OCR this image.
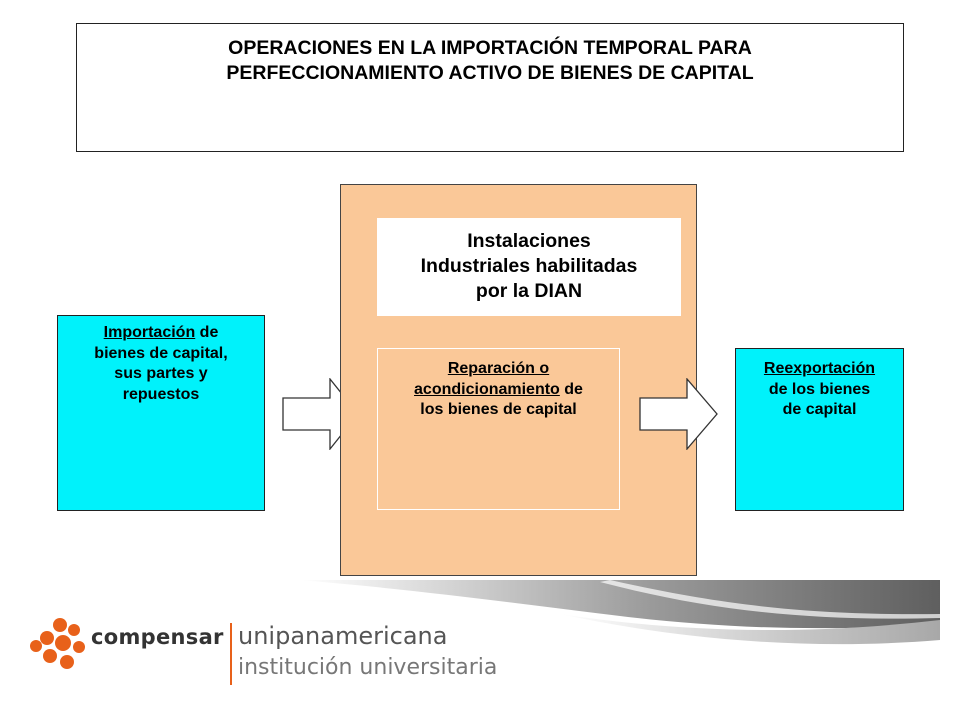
OPERACIONES EN LA IMPORTACIÓN TEMPORAL PARA
PERFECCIONAMIENTO ACTIVO DE BIENES DE CAPITAL
Importación de
bienes de capital,
sus partes y
repuestos
Instalaciones
Industriales habilitadas
por la DIAN
Reparación o
acondicionamiento de
los bienes de capital
Reexportación
de los bienes
de capital
compensar unipanamericana
institución universitaria
